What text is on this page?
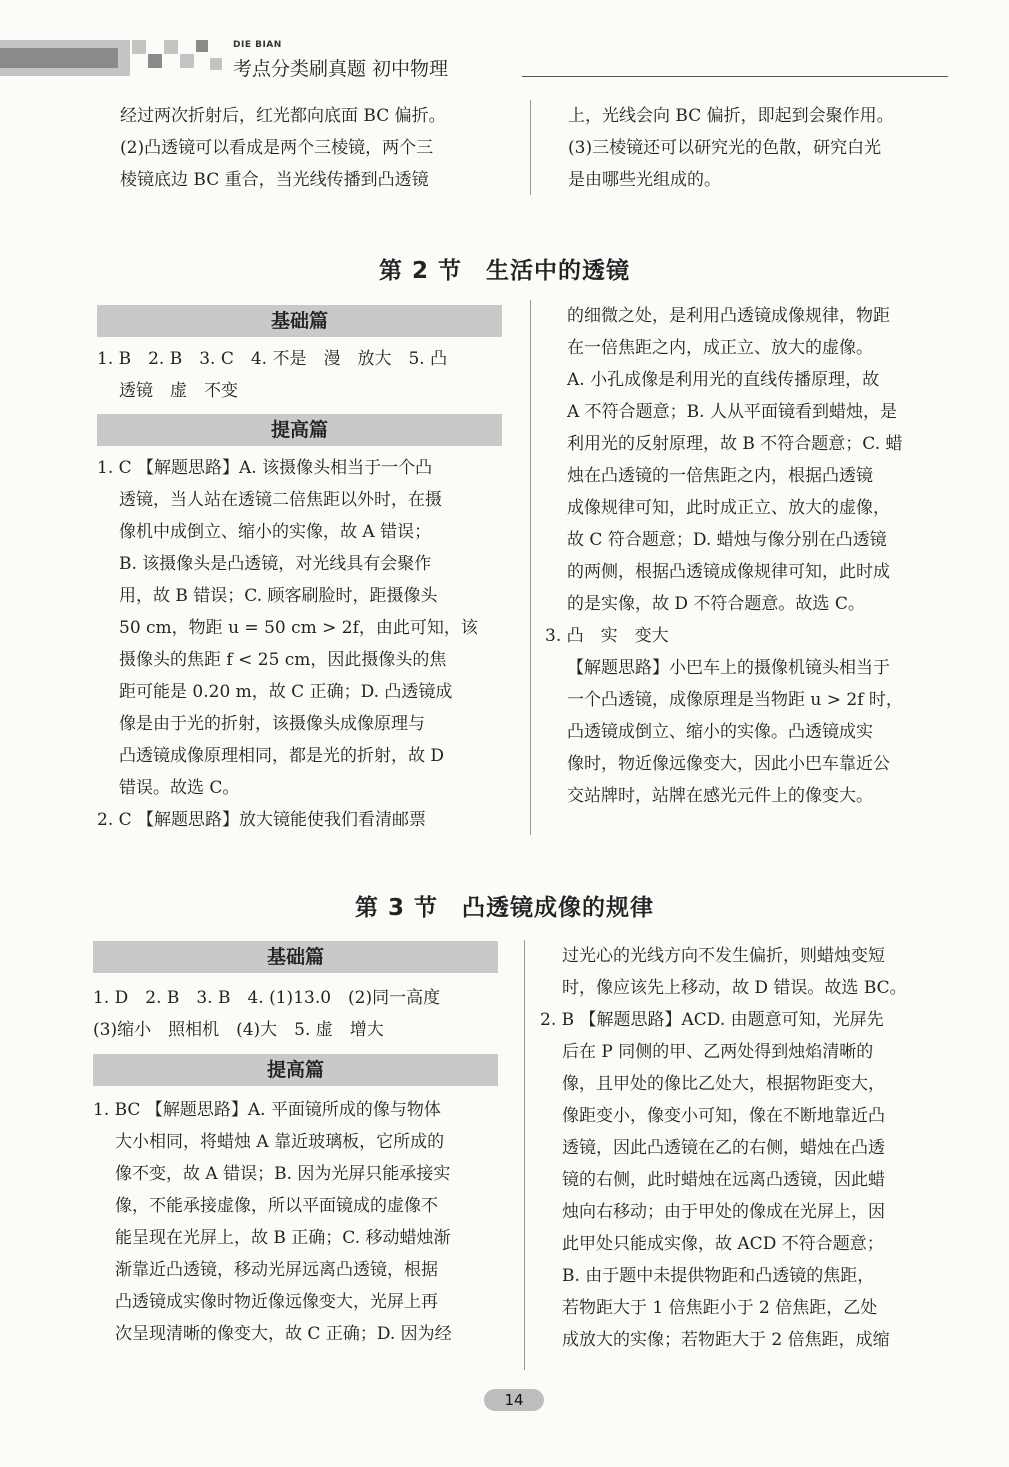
DIE BIAN
考点分类刷真题 初中物理

经过两次折射后，红光都向底面 BC 偏折。

(2)凸透镜可以看成是两个三棱镜，两个三

棱镜底边 BC 重合，当光线传播到凸透镜

上，光线会向 BC 偏折，即起到会聚作用。

(3)三棱镜还可以研究光的色散，研究白光

是由哪些光组成的。

第 2 节　生活中的透镜
基础篇

1. B　2. B　3. C　4. 不是　漫　放大　5. 凸

透镜　虚　不变

提高篇

1. C 【解题思路】A. 该摄像头相当于一个凸

透镜，当人站在透镜二倍焦距以外时，在摄

像机中成倒立、缩小的实像，故 A 错误；

B. 该摄像头是凸透镜，对光线具有会聚作

用，故 B 错误；C. 顾客刷脸时，距摄像头

50 cm，物距 u = 50 cm > 2f，由此可知，该

摄像头的焦距 f < 25 cm，因此摄像头的焦

距可能是 0.20 m，故 C 正确；D. 凸透镜成

像是由于光的折射，该摄像头成像原理与

凸透镜成像原理相同，都是光的折射，故 D

错误。故选 C。

2. C 【解题思路】放大镜能使我们看清邮票

的细微之处，是利用凸透镜成像规律，物距

在一倍焦距之内，成正立、放大的虚像。

A. 小孔成像是利用光的直线传播原理，故

A 不符合题意；B. 人从平面镜看到蜡烛，是

利用光的反射原理，故 B 不符合题意；C. 蜡

烛在凸透镜的一倍焦距之内，根据凸透镜

成像规律可知，此时成正立、放大的虚像，

故 C 符合题意；D. 蜡烛与像分别在凸透镜

的两侧，根据凸透镜成像规律可知，此时成

的是实像，故 D 不符合题意。故选 C。

3. 凸　实　变大

【解题思路】小巴车上的摄像机镜头相当于

一个凸透镜，成像原理是当物距 u > 2f 时，

凸透镜成倒立、缩小的实像。凸透镜成实

像时，物近像远像变大，因此小巴车靠近公

交站牌时，站牌在感光元件上的像变大。

第 3 节　凸透镜成像的规律
基础篇

1. D　2. B　3. B　4. (1)13.0　(2)同一高度

(3)缩小　照相机　(4)大　5. 虚　增大

提高篇

1. BC 【解题思路】A. 平面镜所成的像与物体

大小相同，将蜡烛 A 靠近玻璃板，它所成的

像不变，故 A 错误；B. 因为光屏只能承接实

像，不能承接虚像，所以平面镜成的虚像不

能呈现在光屏上，故 B 正确；C. 移动蜡烛渐

渐靠近凸透镜，移动光屏远离凸透镜，根据

凸透镜成实像时物近像远像变大，光屏上再

次呈现清晰的像变大，故 C 正确；D. 因为经

过光心的光线方向不发生偏折，则蜡烛变短

时，像应该先上移动，故 D 错误。故选 BC。

2. B 【解题思路】ACD. 由题意可知，光屏先

后在 P 同侧的甲、乙两处得到烛焰清晰的

像，且甲处的像比乙处大，根据物距变大，

像距变小，像变小可知，像在不断地靠近凸

透镜，因此凸透镜在乙的右侧，蜡烛在凸透

镜的右侧，此时蜡烛在远离凸透镜，因此蜡

烛向右移动；由于甲处的像成在光屏上，因

此甲处只能成实像，故 ACD 不符合题意；

B. 由于题中未提供物距和凸透镜的焦距，

若物距大于 1 倍焦距小于 2 倍焦距，乙处

成放大的实像；若物距大于 2 倍焦距，成缩

14
